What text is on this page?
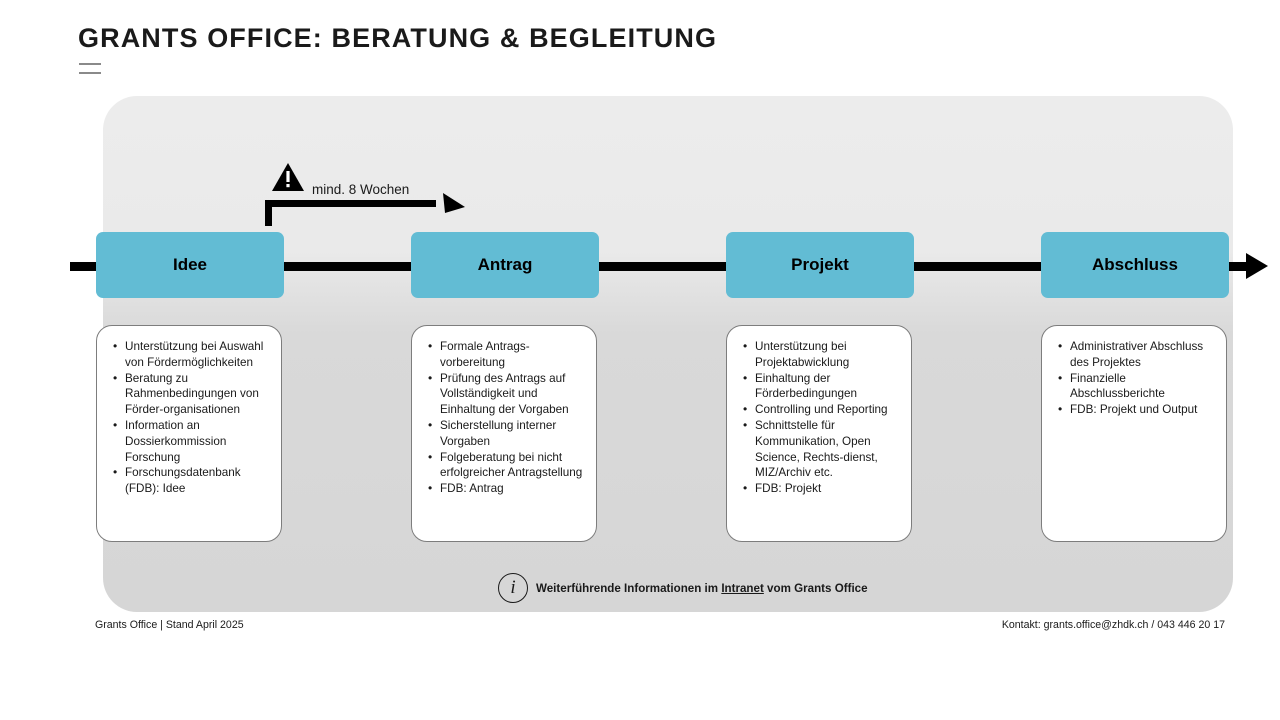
GRANTS OFFICE: BERATUNG & BEGLEITUNG
mind. 8 Wochen
Idee	Antrag	Projekt	Abschluss
• Unterstützung bei Auswahl von Fördermöglichkeiten
• Beratung zu Rahmenbedingungen von Förder-organisationen
• Information an Dossierkommission Forschung
• Forschungsdatenbank (FDB): Idee
• Formale Antrags-vorbereitung
• Prüfung des Antrags auf Vollständigkeit und Einhaltung der Vorgaben
• Sicherstellung interner Vorgaben
• Folgeberatung bei nicht erfolgreicher Antragstellung
• FDB: Antrag
• Unterstützung bei Projektabwicklung
• Einhaltung der Förderbedingungen
• Controlling und Reporting
• Schnittstelle für Kommunikation, Open Science, Rechts-dienst, MIZ/Archiv etc.
• FDB: Projekt
• Administrativer Abschluss des Projektes
• Finanzielle Abschlussberichte
• FDB: Projekt und Output
i	Weiterführende Informationen im Intranet vom Grants Office
Grants Office | Stand April 2025	Kontakt: grants.office@zhdk.ch / 043 446 20 17
